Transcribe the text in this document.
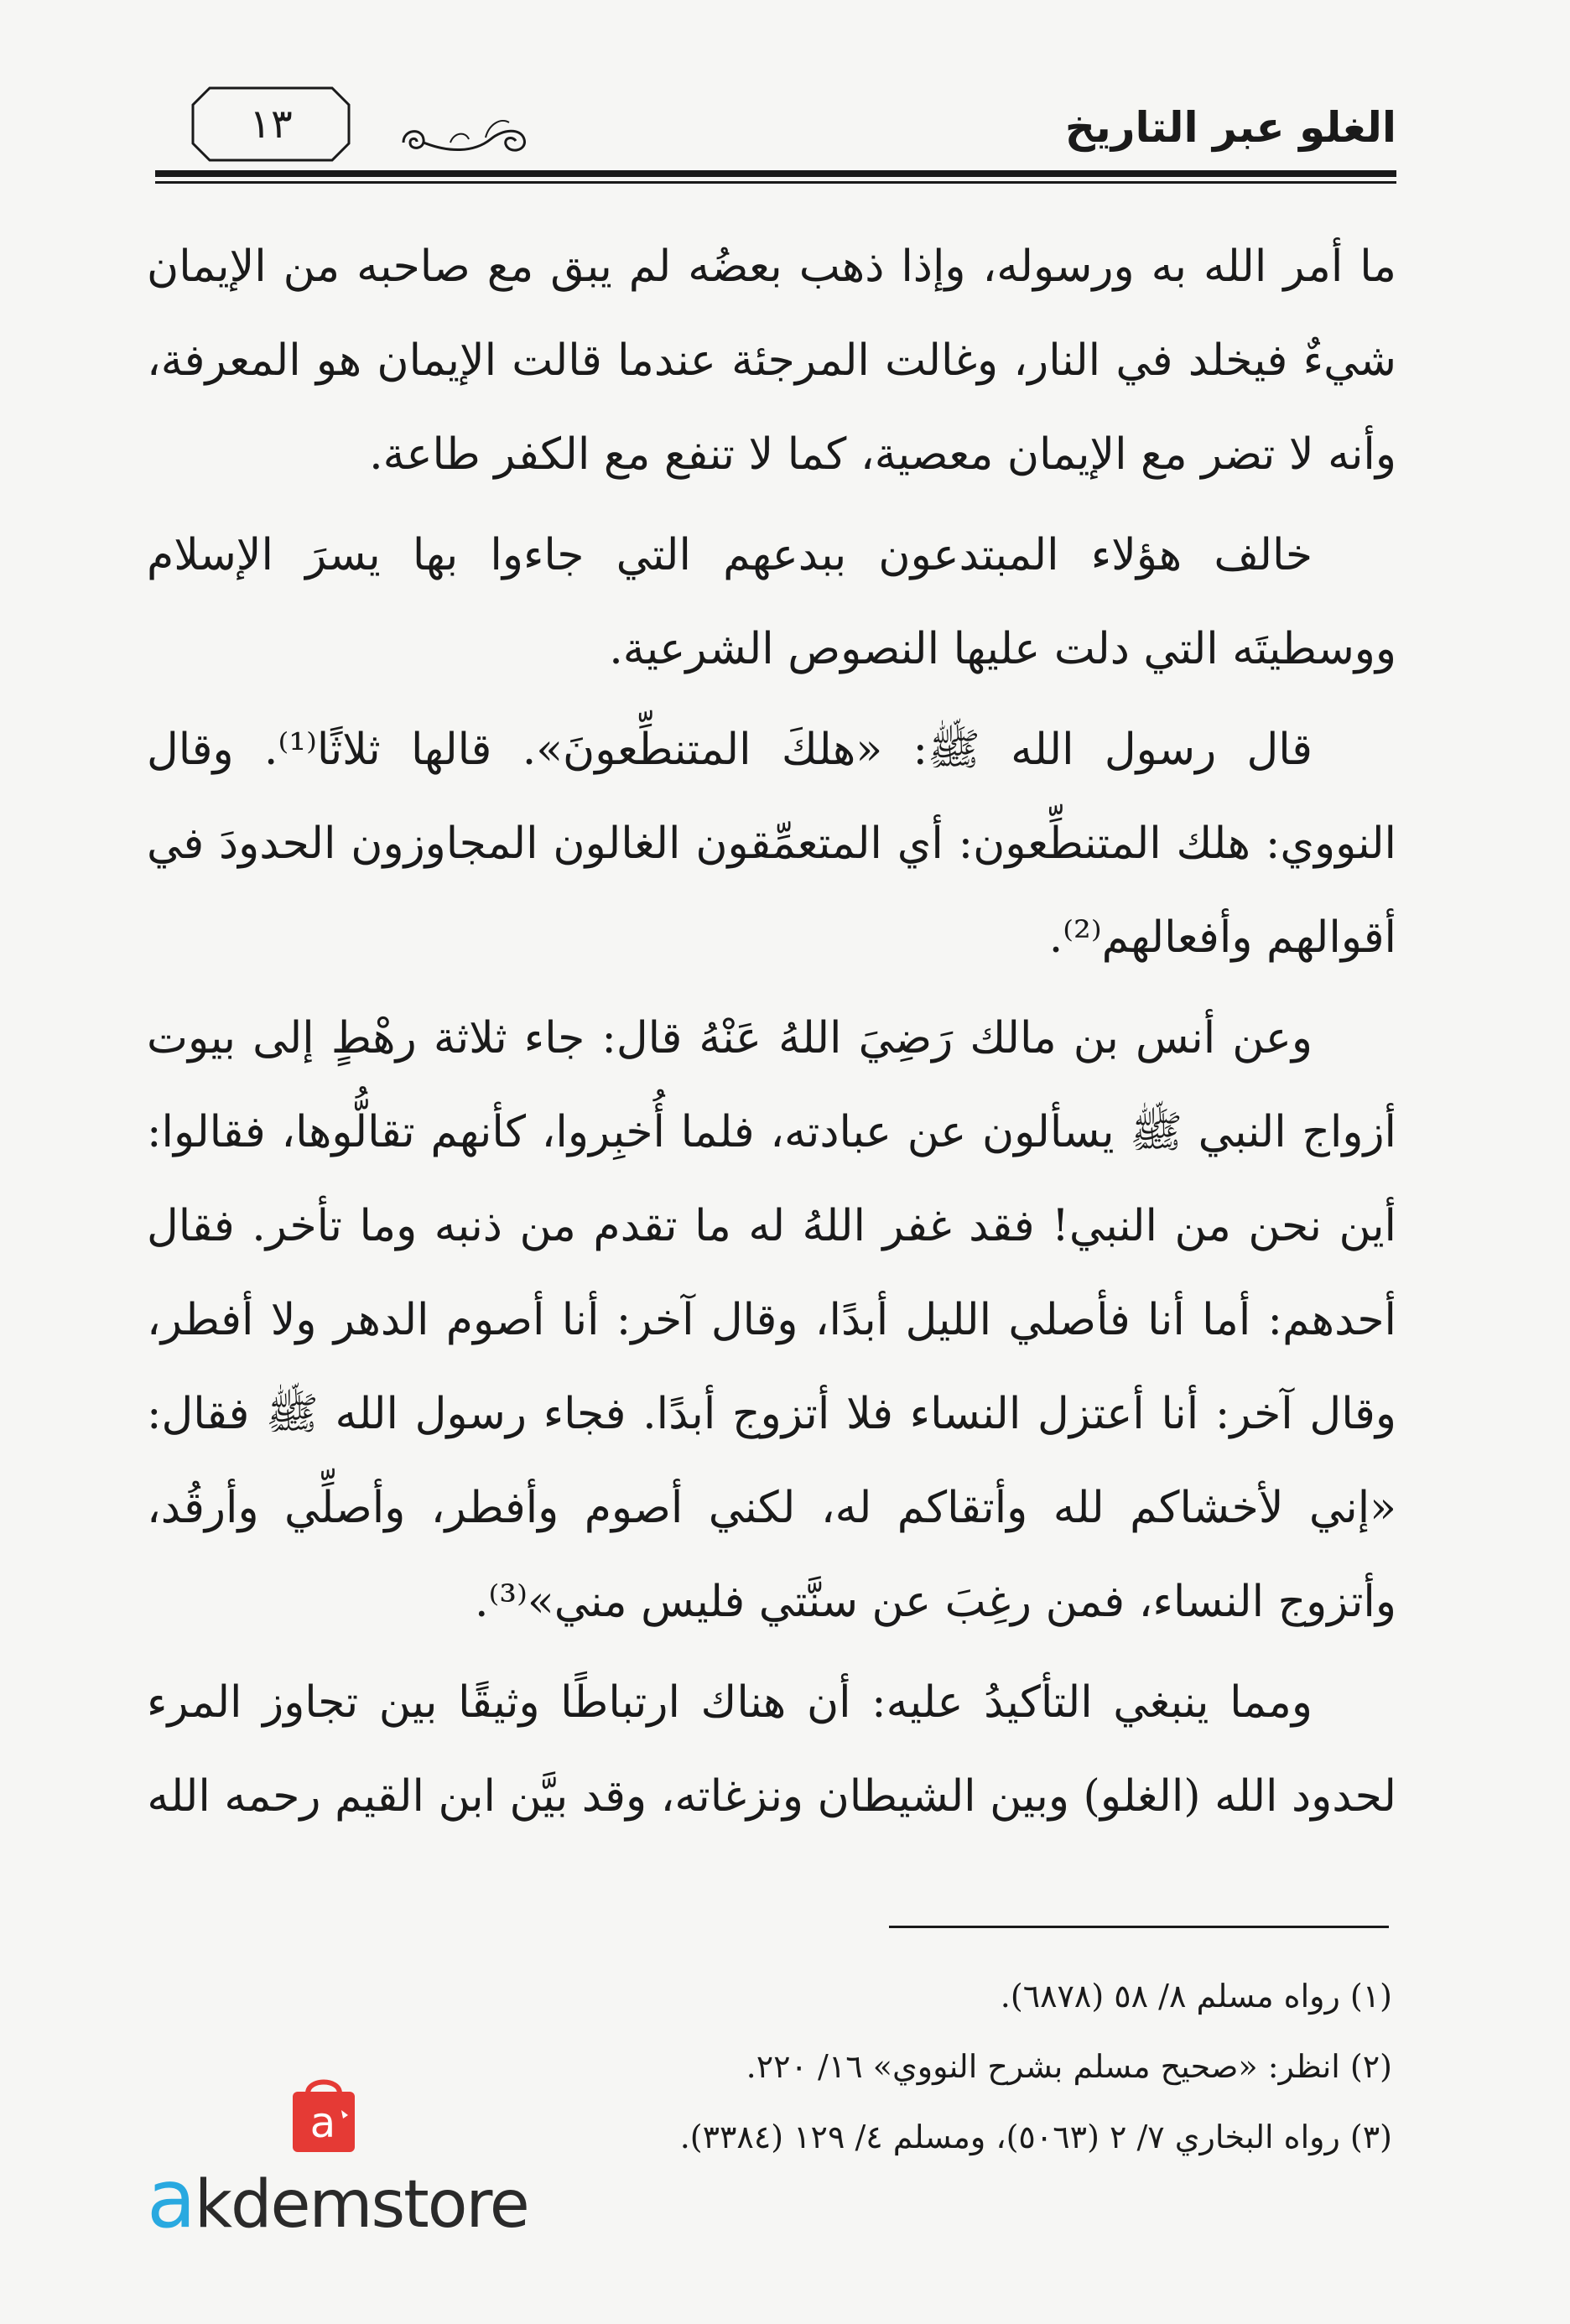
١٣	الغلو عبر التاريخ

ما أمر الله به ورسوله، وإذا ذهب بعضُه لم يبق مع صاحبه من الإيمان شيءٌ فيخلد في النار، وغالت المرجئة عندما قالت الإيمان هو المعرفة، وأنه لا تضر مع الإيمان معصية، كما لا تنفع مع الكفر طاعة.

خالف هؤلاء المبتدعون ببدعهم التي جاءوا بها يسرَ الإسلام ووسطيتَه التي دلت عليها النصوص الشرعية.

قال رسول الله ﷺ: «هلكَ المتنطِّعونَ». قالها ثلاثًا⁽¹⁾. وقال النووي: هلك المتنطِّعون: أي المتعمِّقون الغالون المجاوزون الحدودَ في أقوالهم وأفعالهم⁽²⁾.

وعن أنس بن مالك رَضِيَ اللهُ عَنْهُ قال: جاء ثلاثة رهْطٍ إلى بيوت أزواج النبي ﷺ يسألون عن عبادته، فلما أُخبِروا، كأنهم تقالُّوها، فقالوا: أين نحن من النبي! فقد غفر اللهُ له ما تقدم من ذنبه وما تأخر. فقال أحدهم: أما أنا فأصلي الليل أبدًا، وقال آخر: أنا أصوم الدهر ولا أفطر، وقال آخر: أنا أعتزل النساء فلا أتزوج أبدًا. فجاء رسول الله ﷺ فقال: «إني لأخشاكم لله وأتقاكم له، لكني أصوم وأفطر، وأصلِّي وأرقُد، وأتزوج النساء، فمن رغِبَ عن سنَّتي فليس مني»⁽³⁾.

ومما ينبغي التأكيدُ عليه: أن هناك ارتباطًا وثيقًا بين تجاوز المرء لحدود الله (الغلو) وبين الشيطان ونزغاته، وقد بيَّن ابن القيم رحمه الله

(١) رواه مسلم ٨/ ٥٨ (٦٨٧٨).

(٢) انظر: «صحيح مسلم بشرح النووي» ١٦/ ٢٢٠.

(٣) رواه البخاري ٧/ ٢ (٥٠٦٣)، ومسلم ٤/ ١٢٩ (٣٣٨٤).

a
akdemstore
